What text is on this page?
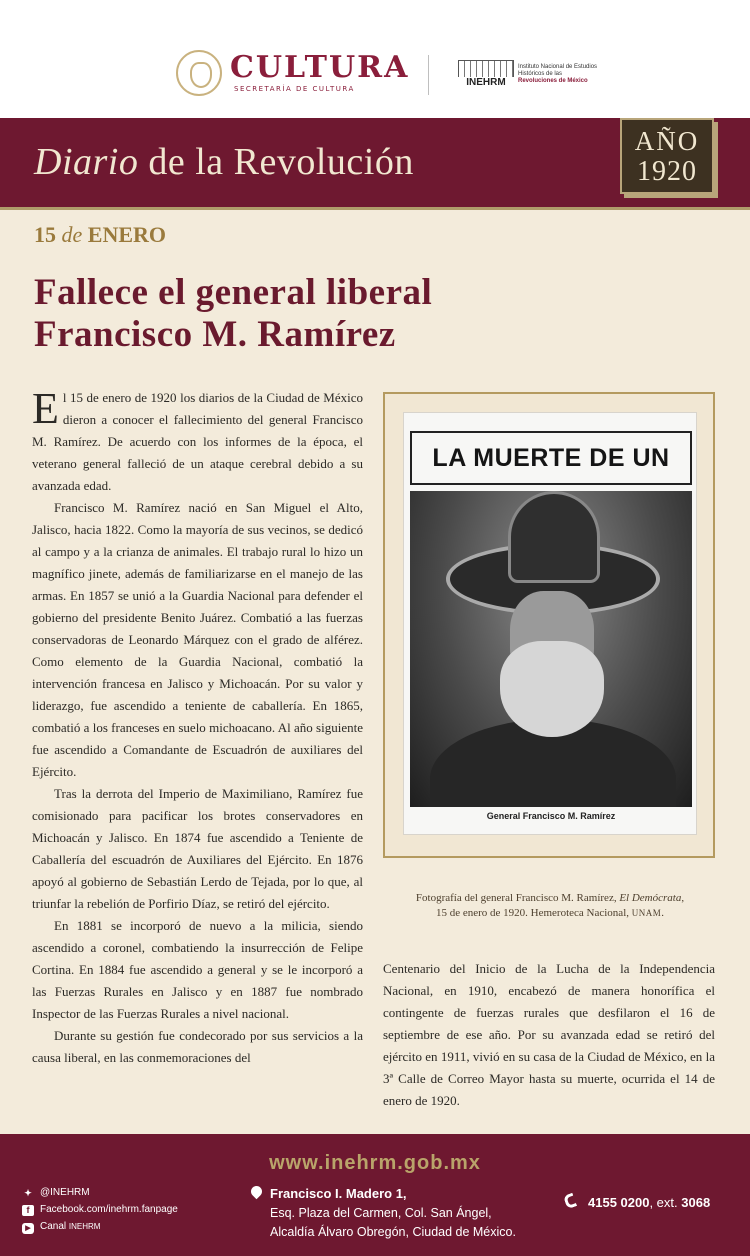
CULTURA
SECRETARÍA DE CULTURA
INEHRM
Instituto Nacional de Estudios Históricos de las Revoluciones de México
Diario de la Revolución	AÑO
1920
15 de ENERO
Fallece el general liberal
Francisco M. Ramírez

El 15 de enero de 1920 los diarios de la Ciudad de México dieron a conocer el fallecimiento del general Francisco M. Ramírez. De acuerdo con los informes de la época, el veterano general falleció de un ataque cerebral debido a su avanzada edad.

Francisco M. Ramírez nació en San Miguel el Alto, Jalisco, hacia 1822. Como la mayoría de sus vecinos, se dedicó al campo y a la crianza de animales. El trabajo rural lo hizo un magnífico jinete, además de familiarizarse en el manejo de las armas. En 1857 se unió a la Guardia Nacional para defender el gobierno del presidente Benito Juárez. Combatió a las fuerzas conservadoras de Leonardo Márquez con el grado de alférez. Como elemento de la Guardia Nacional, combatió la intervención francesa en Jalisco y Michoacán. Por su valor y liderazgo, fue ascendido a teniente de caballería. En 1865, combatió a los franceses en suelo michoacano. Al año siguiente fue ascendido a Comandante de Escuadrón de auxiliares del Ejército.

Tras la derrota del Imperio de Maximiliano, Ramírez fue comisionado para pacificar los brotes conservadores en Michoacán y Jalisco. En 1874 fue ascendido a Teniente de Caballería del escuadrón de Auxiliares del Ejército. En 1876 apoyó al gobierno de Sebastián Lerdo de Tejada, por lo que, al triunfar la rebelión de Porfirio Díaz, se retiró del ejército.

En 1881 se incorporó de nuevo a la milicia, siendo ascendido a coronel, combatiendo la insurrección de Felipe Cortina. En 1884 fue ascendido a general y se le incorporó a las Fuerzas Rurales en Jalisco y en 1887 fue nombrado Inspector de las Fuerzas Rurales a nivel nacional.

Durante su gestión fue condecorado por sus servicios a la causa liberal, en las conmemoraciones del

LA MUERTE DE UN
General Francisco M. Ramírez
Fotografía del general Francisco M. Ramírez, El Demócrata,
15 de enero de 1920. Hemeroteca Nacional, UNAM.

Centenario del Inicio de la Lucha de la Independencia Nacional, en 1910, encabezó de manera honorífica el contingente de fuerzas rurales que desfilaron el 16 de septiembre de ese año. Por su avanzada edad se retiró del ejército en 1911, vivió en su casa de la Ciudad de México, en la 3ª Calle de Correo Mayor hasta su muerte, ocurrida el 14 de enero de 1920.

www.inehrm.gob.mx
✦ @INEHRM
f Facebook.com/inehrm.fanpage
▶ Canal INEHRM
Francisco I. Madero 1,
Esq. Plaza del Carmen, Col. San Ángel,
Alcaldía Álvaro Obregón, Ciudad de México.
4155 0200, ext. 3068
